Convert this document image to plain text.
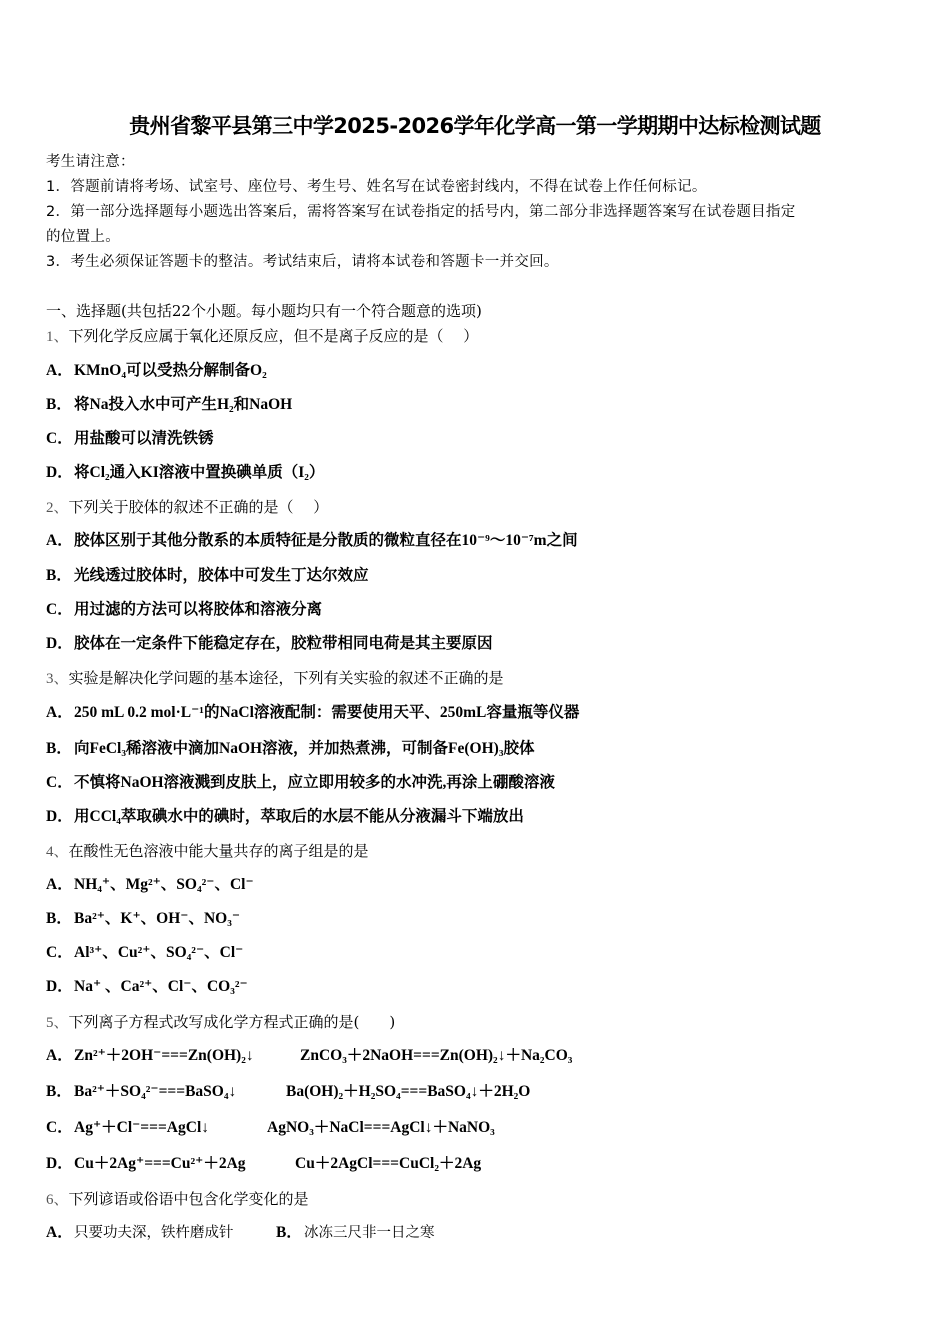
贵州省黎平县第三中学2025-2026学年化学高一第一学期期中达标检测试题
考生请注意：
1．答题前请将考场、试室号、座位号、考生号、姓名写在试卷密封线内，不得在试卷上作任何标记。
2．第一部分选择题每小题选出答案后，需将答案写在试卷指定的括号内，第二部分非选择题答案写在试卷题目指定
的位置上。
3．考生必须保证答题卡的整洁。考试结束后，请将本试卷和答题卡一并交回。
一、选择题(共包括22个小题。每小题均只有一个符合题意的选项)
1、下列化学反应属于氧化还原反应，但不是离子反应的是（　 ）
A．KMnO₄可以受热分解制备O₂
B． 将Na投入水中可产生H₂和NaOH
C．用盐酸可以清洗铁锈
D．将Cl₂通入KI溶液中置换碘单质（I₂）
2、下列关于胶体的叙述不正确的是（　 ）
A．胶体区别于其他分散系的本质特征是分散质的微粒直径在10⁻⁹～10⁻⁷m之间
B． 光线透过胶体时，胶体中可发生丁达尔效应
C．用过滤的方法可以将胶体和溶液分离
D．胶体在一定条件下能稳定存在，胶粒带相同电荷是其主要原因
3、实验是解决化学问题的基本途径，下列有关实验的叙述不正确的是
A．250 mL 0.2 mol·L⁻¹的NaCl溶液配制：需要使用天平、250mL容量瓶等仪器
B． 向FeCl₃稀溶液中滴加NaOH溶液，并加热煮沸，可制备Fe(OH)₃胶体
C．不慎将NaOH溶液溅到皮肤上，应立即用较多的水冲洗,再涂上硼酸溶液
D．用CCl₄萃取碘水中的碘时，萃取后的水层不能从分液漏斗下端放出
4、在酸性无色溶液中能大量共存的离子组是的是
A．NH₄⁺、Mg²⁺、SO₄²⁻、Cl⁻
B． Ba²⁺、K⁺、OH⁻、NO₃⁻
C．Al³⁺、Cu²⁺、SO₄²⁻、Cl⁻
D．Na⁺ 、Ca²⁺、Cl⁻、CO₃²⁻
5、下列离子方程式改写成化学方程式正确的是(　　)
A．Zn²⁺＋2OH⁻===Zn(OH)₂↓	ZnCO₃＋2NaOH===Zn(OH)₂↓＋Na₂CO₃
B． Ba²⁺＋SO₄²⁻===BaSO₄↓	Ba(OH)₂＋H₂SO₄===BaSO₄↓＋2H₂O
C．Ag⁺＋Cl⁻===AgCl↓	AgNO₃＋NaCl===AgCl↓＋NaNO₃
D．Cu＋2Ag⁺===Cu²⁺＋2Ag	Cu＋2AgCl===CuCl₂＋2Ag
6、下列谚语或俗语中包含化学变化的是
A．只要功夫深，铁杵磨成针	B． 冰冻三尺非一日之寒
